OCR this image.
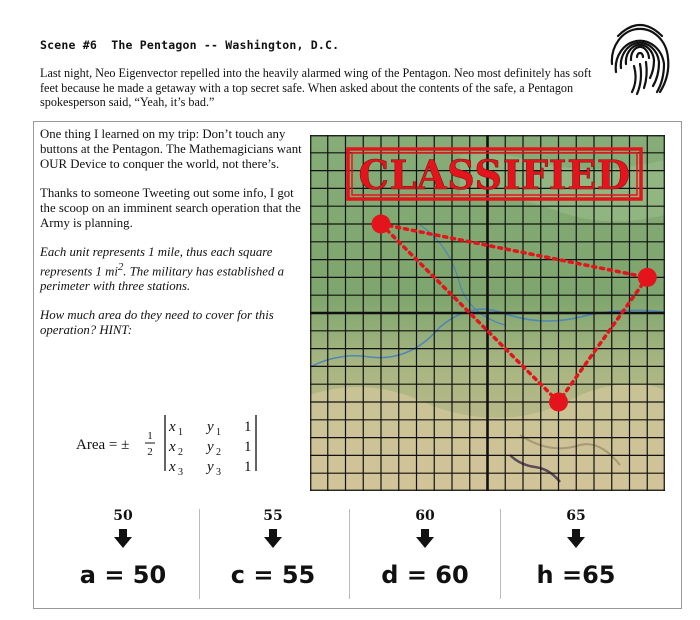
Scene #6  The Pentagon -- Washington, D.C.
Last night, Neo Eigenvector repelled into the heavily alarmed wing of the Pentagon. Neo most definitely has soft feet because he made a getaway with a top secret safe. When asked about the contents of the safe, a Pentagon spokesperson said, “Yeah, it’s bad.”

One thing I learned on my trip: Don’t touch any buttons at the Pentagon. The Mathemagicians want OUR Device to conquer the world, not there’s.

Thanks to someone Tweeting out some info, I got the scoop on an imminent search operation that the Army is planning.

Each unit represents 1 mile, thus each square represents 1 $mi^2$. The military has established a perimeter with three stations.

How much area do they need to cover for this operation? HINT:

Area = ±
1
2
x 1 y 1 1
x 2 y 2 1
x 3 y 3 1
CLASSIFIED
50
a = 50
55
c = 55
60
d = 60
65
h =65
